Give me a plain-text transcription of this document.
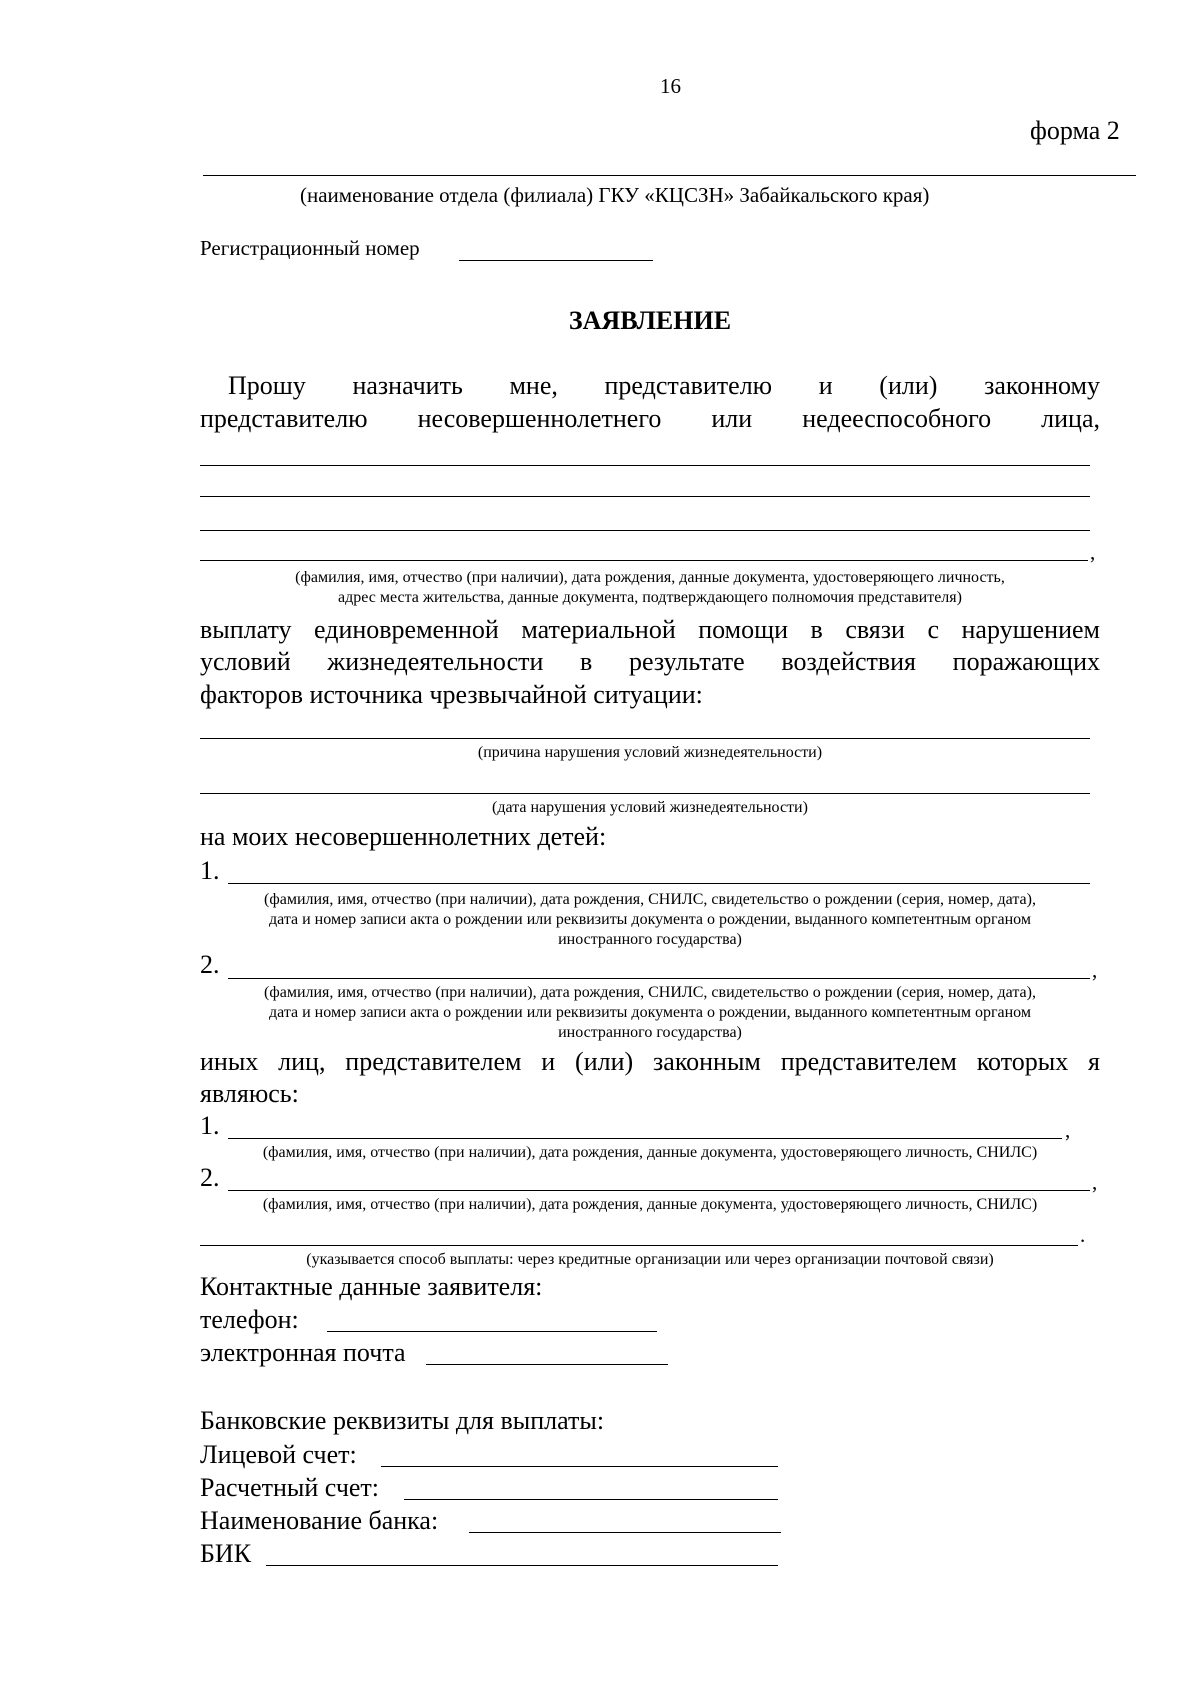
16
форма 2
(наименование отдела (филиала) ГКУ «КЦСЗН» Забайкальского края)
Регистрационный номер
ЗАЯВЛЕНИЕ
Прошу назначить мне, представителю и (или) законному
представителю несовершеннолетнего или недееспособного лица,
,
(фамилия, имя, отчество (при наличии), дата рождения, данные документа, удостоверяющего личность,
адрес места жительства, данные документа, подтверждающего полномочия представителя)
выплату единовременной материальной помощи в связи с нарушением
условий жизнедеятельности в результате воздействия поражающих
факторов источника чрезвычайной ситуации:
(причина нарушения условий жизнедеятельности)
(дата нарушения условий жизнедеятельности)
на моих несовершеннолетних детей:
1.
(фамилия, имя, отчество (при наличии), дата рождения, СНИЛС, свидетельство о рождении (серия, номер, дата),
дата и номер записи акта о рождении или реквизиты документа о рождении, выданного компетентным органом
иностранного государства)
2.	,
(фамилия, имя, отчество (при наличии), дата рождения, СНИЛС, свидетельство о рождении (серия, номер, дата),
дата и номер записи акта о рождении или реквизиты документа о рождении, выданного компетентным органом
иностранного государства)
иных лиц, представителем и (или) законным представителем которых я
являюсь:
1.	,
(фамилия, имя, отчество (при наличии), дата рождения, данные документа, удостоверяющего личность, СНИЛС)
2.	,
(фамилия, имя, отчество (при наличии), дата рождения, данные документа, удостоверяющего личность, СНИЛС)
.
(указывается способ выплаты: через кредитные организации или через организации почтовой связи)
Контактные данные заявителя:
телефон:
электронная почта
Банковские реквизиты для выплаты:
Лицевой счет:
Расчетный счет:
Наименование банка:
БИК
